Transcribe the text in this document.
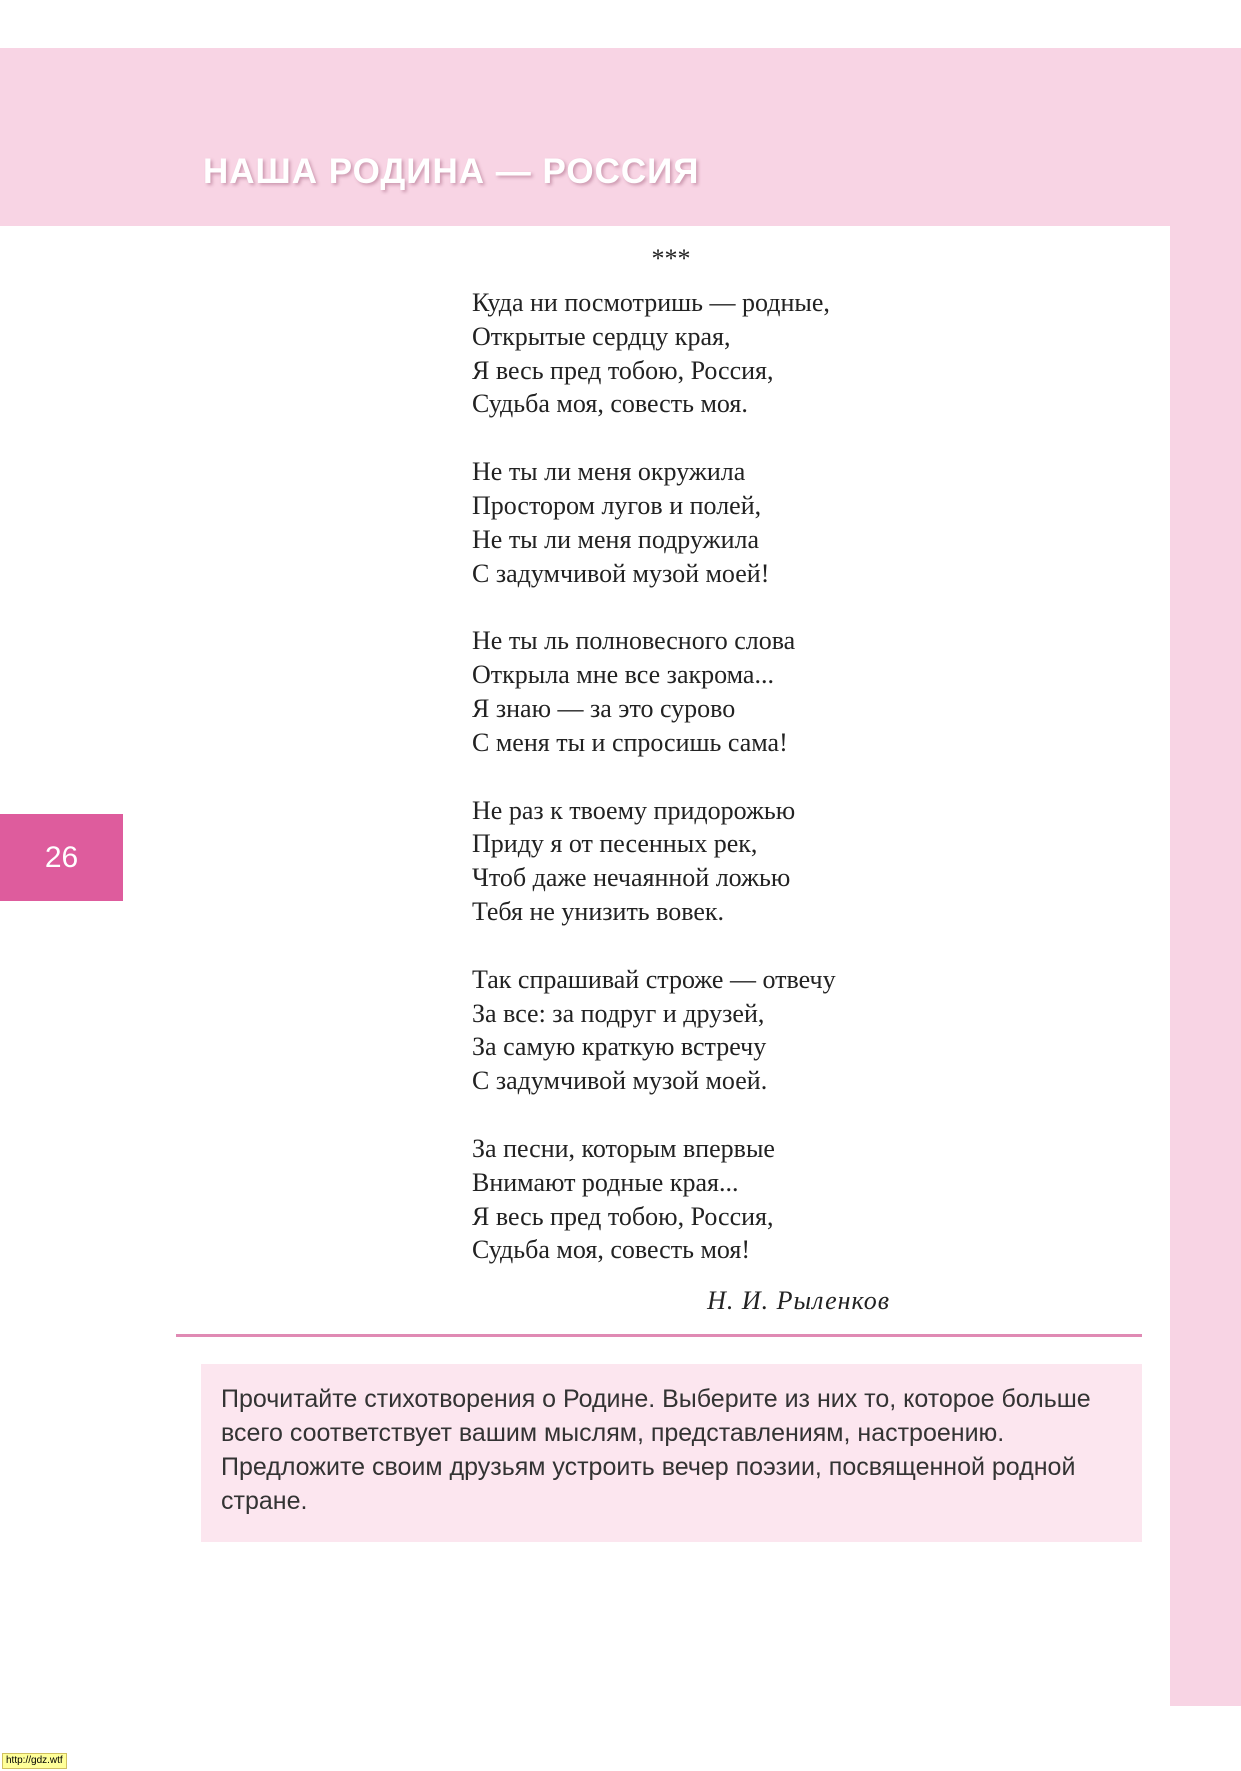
НАША РОДИНА — РОССИЯ
26
***
Куда ни посмотришь — родные,
Открытые сердцу края,
Я весь пред тобою, Россия,
Судьба моя, совесть моя.
Не ты ли меня окружила
Простором лугов и полей,
Не ты ли меня подружила
С задумчивой музой моей!
Не ты ль полновесного слова
Открыла мне все закрома...
Я знаю — за это сурово
С меня ты и спросишь сама!
Не раз к твоему придорожью
Приду я от песенных рек,
Чтоб даже нечаянной ложью
Тебя не унизить вовек.
Так спрашивай строже — отвечу
За все: за подруг и друзей,
За самую краткую встречу
С задумчивой музой моей.
За песни, которым впервые
Внимают родные края...
Я весь пред тобою, Россия,
Судьба моя, совесть моя!
Н. И. Рыленков
Прочитайте стихотворения о Родине. Выберите из них то, которое больше всего соответствует вашим мыслям, представлениям, настроению. Предложите своим друзьям устроить вечер поэзии, посвященной родной стране.
http://gdz.wtf
